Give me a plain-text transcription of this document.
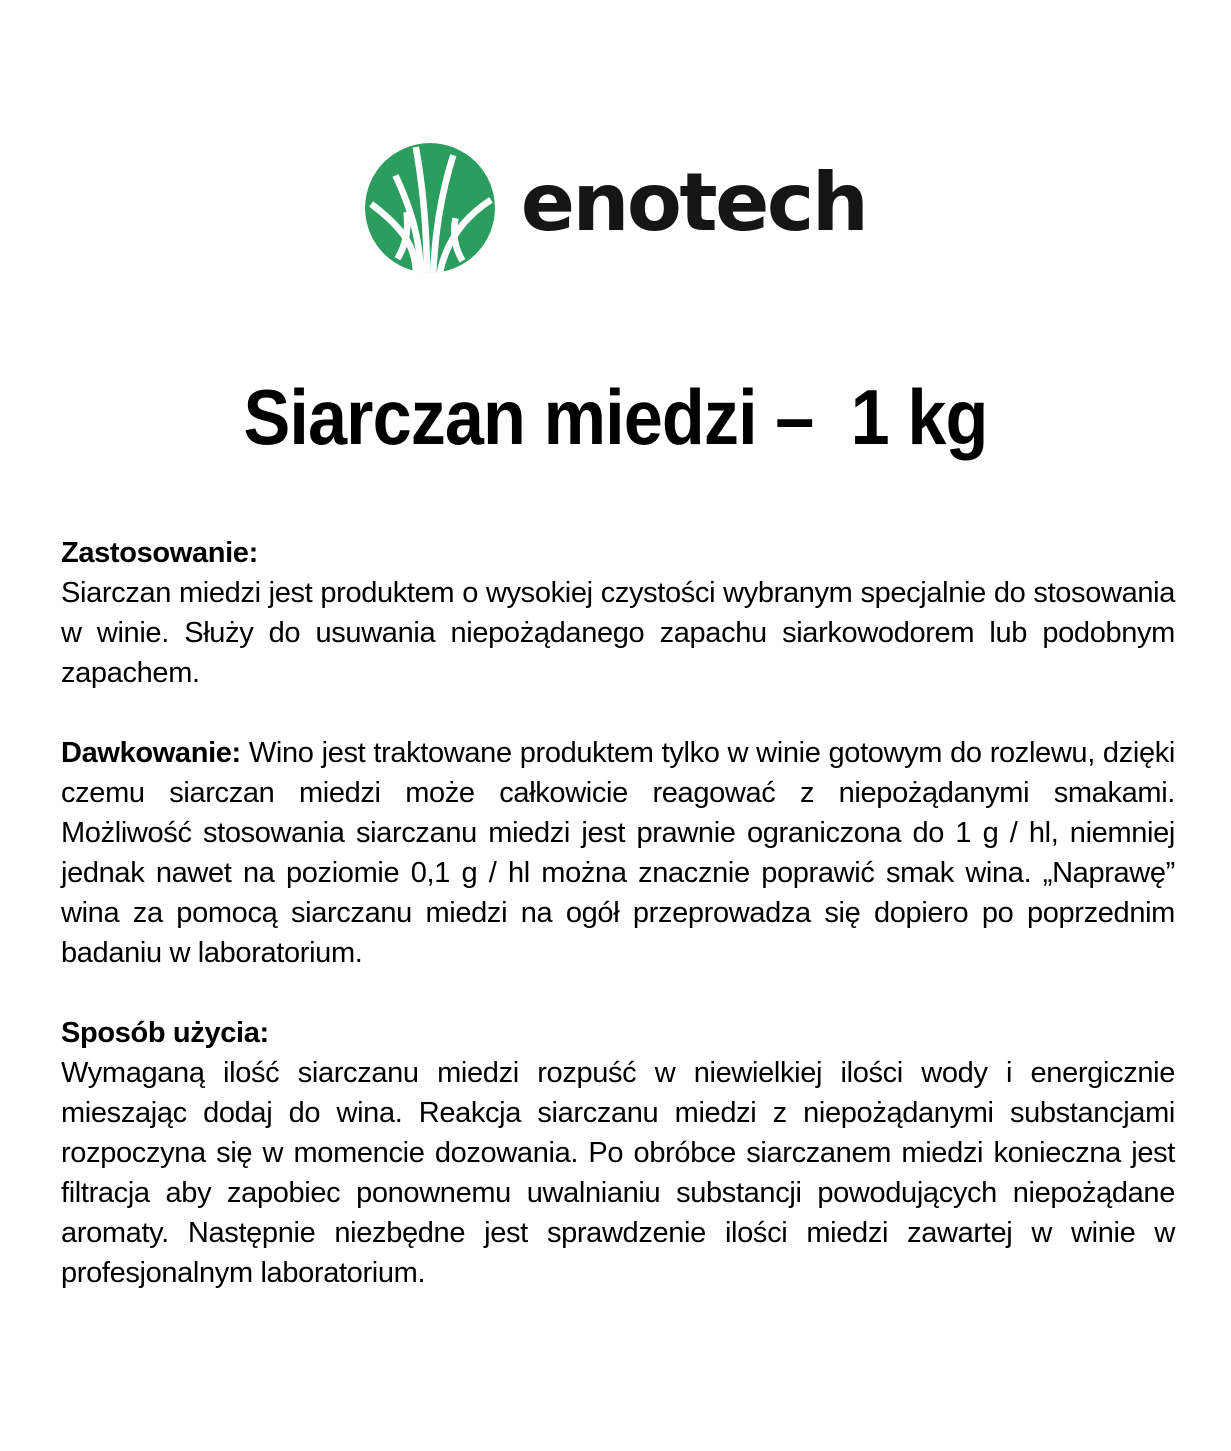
enotech
Siarczan miedzi –  1 kg

Zastosowanie:

Siarczan miedzi jest produktem o wysokiej czystości wybranym specjalnie do stosowania w winie. Służy do usuwania niepożądanego zapachu siarkowodorem lub podobnym zapachem.

Dawkowanie: Wino jest traktowane produktem tylko w winie gotowym do rozlewu, dzięki czemu siarczan miedzi może całkowicie reagować z niepożądanymi smakami. Możliwość stosowania siarczanu miedzi jest prawnie ograniczona do 1 g / hl, niemniej jednak nawet na poziomie 0,1 g / hl można znacznie poprawić smak wina. „Naprawę” wina za pomocą siarczanu miedzi na ogół przeprowadza się dopiero po poprzednim badaniu w laboratorium.

Sposób użycia:

Wymaganą ilość siarczanu miedzi rozpuść w niewielkiej ilości wody i energicznie mieszając dodaj do wina. Reakcja siarczanu miedzi z niepożądanymi substancjami rozpoczyna się w momencie dozowania. Po obróbce siarczanem miedzi konieczna jest filtracja aby zapobiec ponownemu uwalnianiu substancji powodujących niepożądane aromaty. Następnie niezbędne jest sprawdzenie ilości miedzi zawartej w winie w profesjonalnym laboratorium.
